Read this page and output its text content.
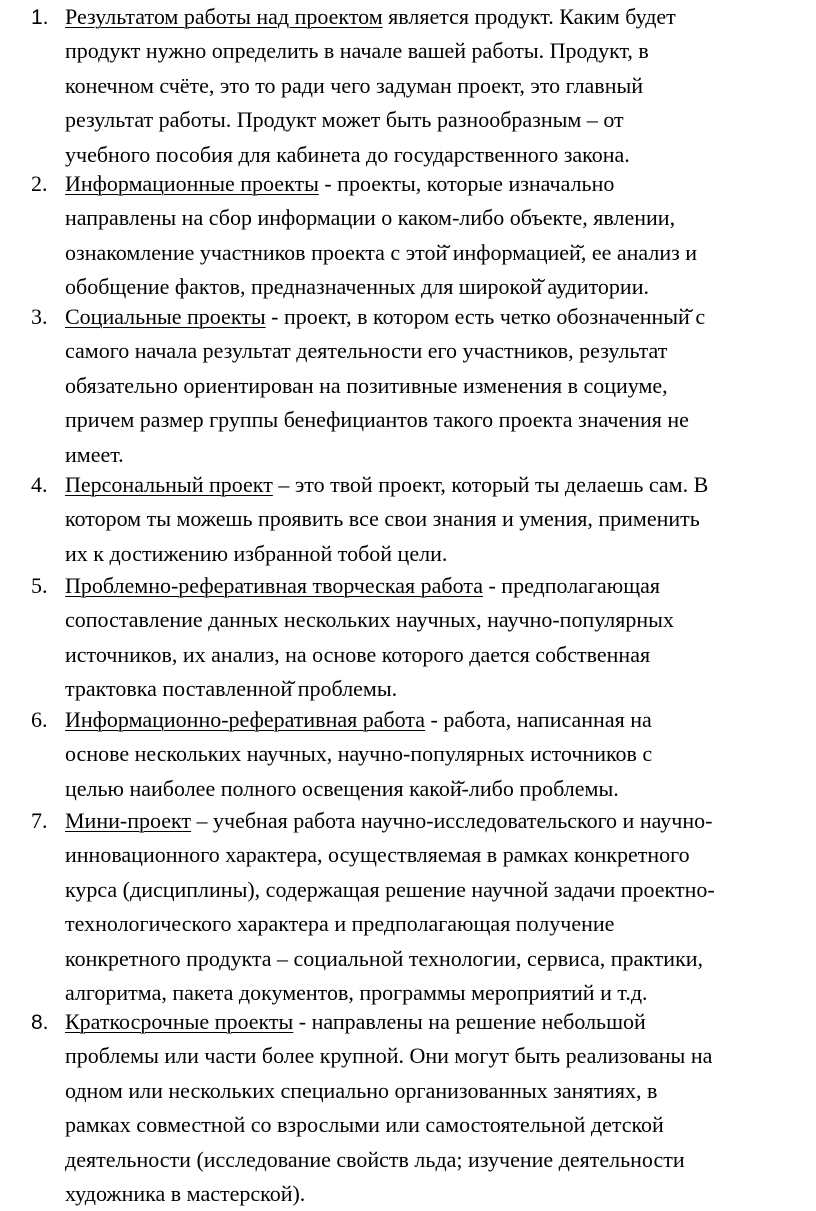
1. Результатом работы над проектом является продукт. Каким будет
продукт нужно определить в начале вашей работы. Продукт, в
конечном счёте, это то ради чего задуман проект, это главный
результат работы. Продукт может быть разнообразным – от
учебного пособия для кабинета до государственного закона.

2. Информационные проекты - проекты, которые изначально
направлены на сбор информации о каком-либо объекте, явлении,
ознакомление участников проекта с этой̆ информацией̆, ее анализ и
обобщение фактов, предназначенных для широкой̆ аудитории.

3. Социальные проекты - проект, в котором есть четко обозначенный̆ с
самого начала результат деятельности его участников, результат
обязательно ориентирован на позитивные изменения в социуме,
причем размер группы бенефициантов такого проекта значения не
имеет.

4. Персональный проект – это твой проект, который ты делаешь сам. В
котором ты можешь проявить все свои знания и умения, применить
их к достижению избранной тобой цели.

5. Проблемно-реферативная творческая работа - предполагающая
сопоставление данных нескольких научных, научно-популярных
источников, их анализ, на основе которого дается собственная
трактовка поставленной̆ проблемы.

6. Информационно-реферативная работа - работа, написанная на
основе нескольких научных, научно-популярных источников с
целью наиболее полного освещения какой̆-либо проблемы.

7. Мини-проект – учебная работа научно-исследовательского и научно-
инновационного характера, осуществляемая в рамках конкретного
курса (дисциплины), содержащая решение научной задачи проектно-
технологического характера и предполагающая получение
конкретного продукта – социальной технологии, сервиса, практики,
алгоритма, пакета документов, программы мероприятий и т.д.

8. Краткосрочные проекты - направлены на решение небольшой
проблемы или части более крупной. Они могут быть реализованы на
одном или нескольких специально организованных занятиях, в
рамках совместной со взрослыми или самостоятельной детской
деятельности (исследование свойств льда; изучение деятельности
художника в мастерской).
